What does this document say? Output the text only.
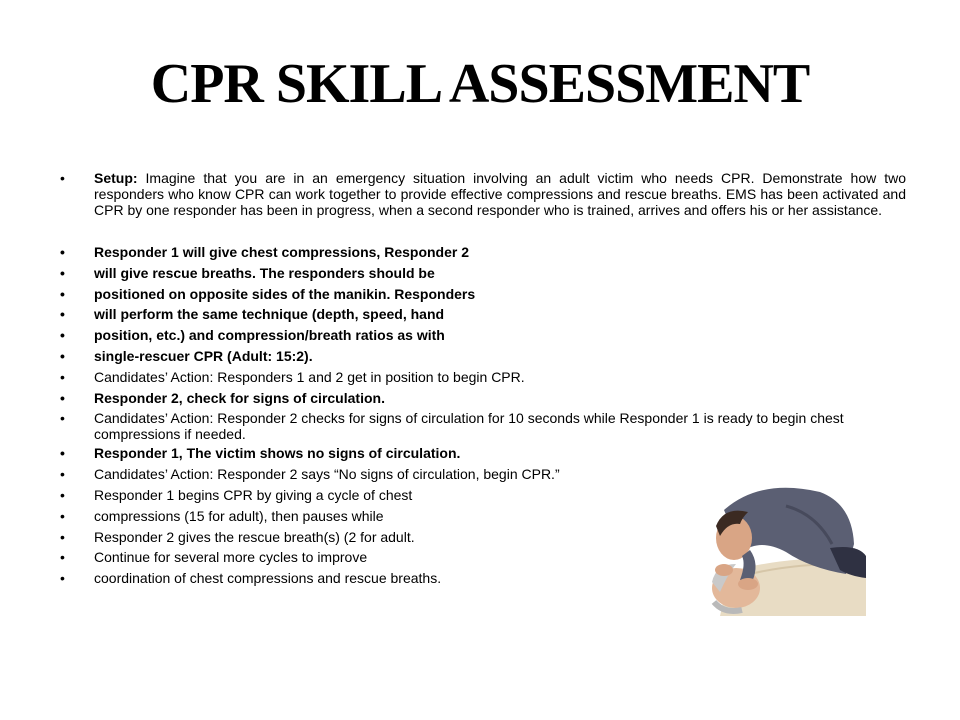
CPR SKILL ASSESSMENT

• Setup: Imagine that you are in an emergency situation involving an adult victim who needs CPR. Demonstrate how two responders who know CPR can work together to provide effective compressions and rescue breaths. EMS has been activated and CPR by one responder has been in progress, when a second responder who is trained, arrives and offers his or her assistance.

• Responder 1 will give chest compressions, Responder 2

• will give rescue breaths. The responders should be

• positioned on opposite sides of the manikin. Responders

• will perform the same technique (depth, speed, hand

• position, etc.) and compression/breath ratios as with

• single-rescuer CPR (Adult: 15:2).

• Candidates’ Action: Responders 1 and 2 get in position to begin CPR.

• Responder 2, check for signs of circulation.

• Candidates’ Action: Responder 2 checks for signs of circulation for 10 seconds while Responder 1 is ready to begin chest compressions if needed.

• Responder 1, The victim shows no signs of circulation.

• Candidates’ Action: Responder 2 says “No signs of circulation, begin CPR.”

• Responder 1 begins CPR by giving a cycle of chest

• compressions (15 for adult), then pauses while

• Responder 2 gives the rescue breath(s) (2 for adult.

• Continue for several more cycles to improve

• coordination of chest compressions and rescue breaths.
